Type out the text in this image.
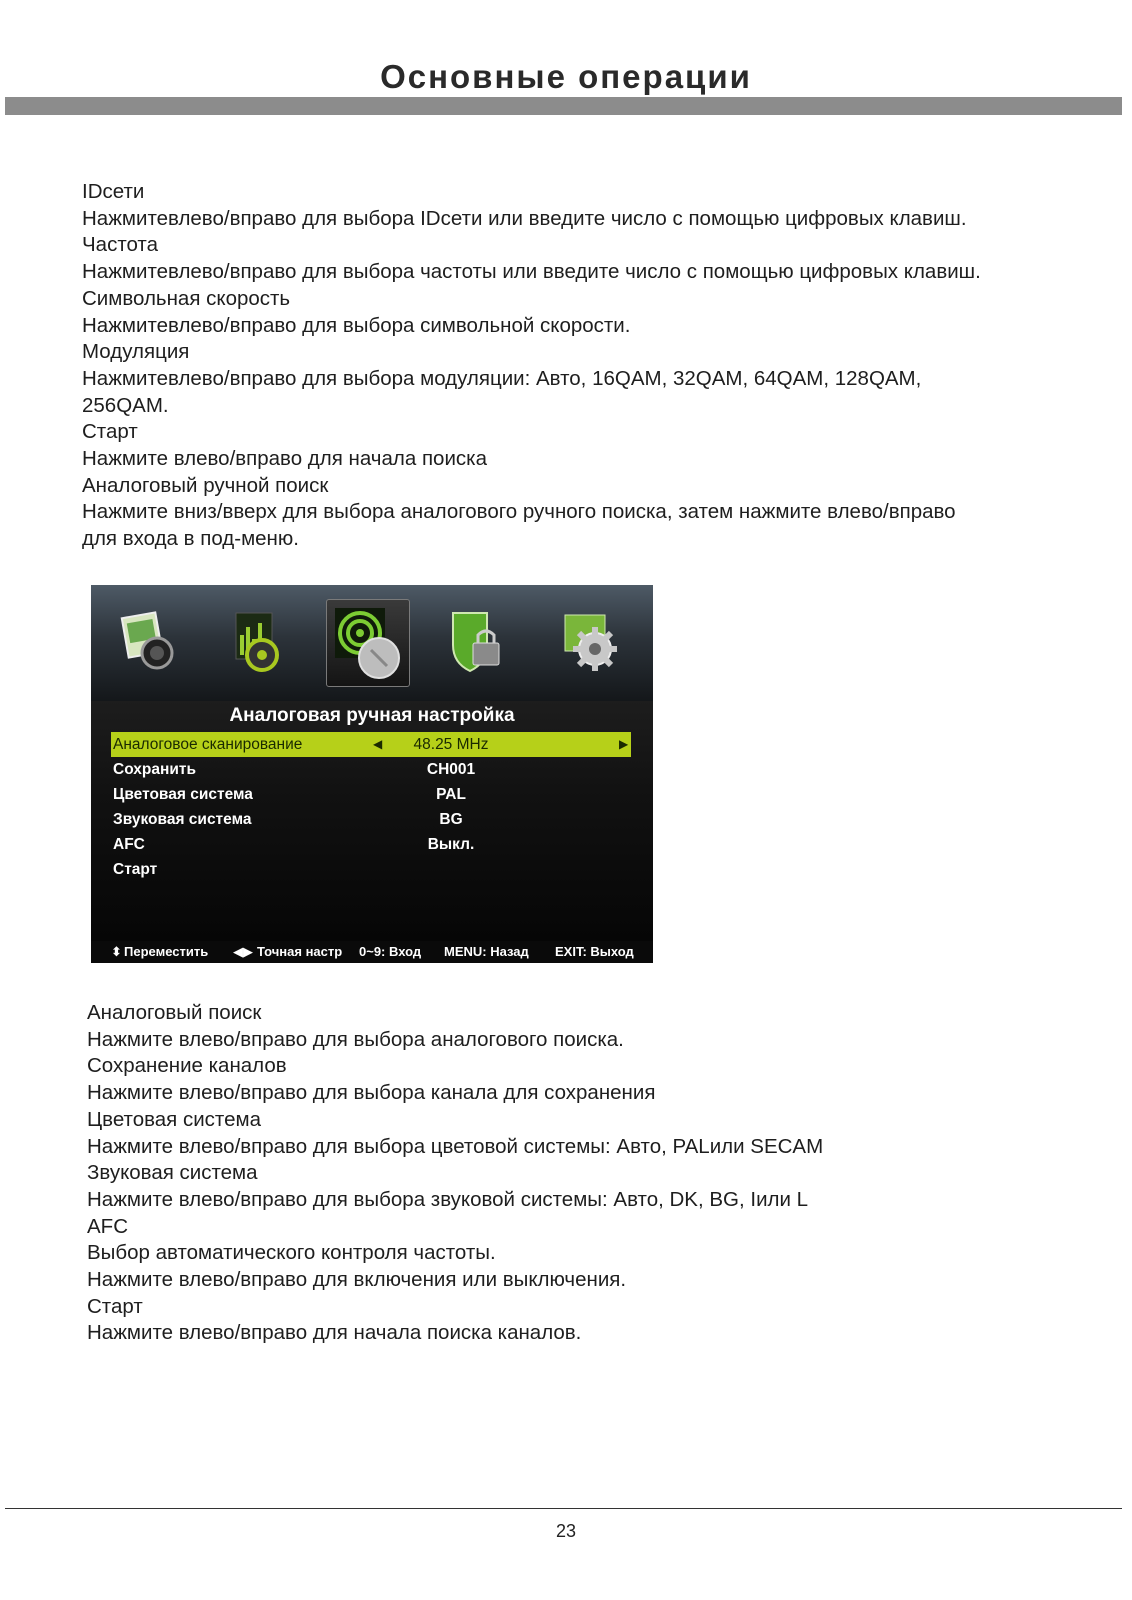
Основные операции
IDсети
Нажмитевлево/вправо для выбора IDсети или введите число с помощью цифровых клавиш.
Частота
Нажмитевлево/вправо для выбора частоты или введите число с помощью цифровых клавиш.
Символьная скорость
Нажмитевлево/вправо для выбора символьной скорости.
Модуляция
Нажмитевлево/вправо для выбора модуляции: Авто, 16QAM, 32QAM, 64QAM, 128QAM,
256QAM.
Старт
Нажмите влево/вправо для начала поиска
Аналоговый ручной поиск
Нажмите вниз/вверх для выбора аналогового ручного поиска, затем нажмите влево/вправо
для входа в под-меню.
Аналоговая ручная настройка
Аналоговое сканирование	◀	48.25 MHz	▶
Сохранить	CH001
Цветовая система	PAL
Звуковая система	BG
AFC	Выкл.
Старт
⬍ Переместить ◀▶ Точная настр 0~9: Вход MENU: Назад EXIT: Выход
Аналоговый поиск
Нажмите влево/вправо для выбора аналогового поиска.
Сохранение каналов
Нажмите влево/вправо для выбора канала для сохранения
Цветовая система
Нажмите влево/вправо для выбора цветовой системы: Авто, PALили SECAM
Звуковая система
Нажмите влево/вправо для выбора звуковой системы: Авто, DK, BG, Iили L
AFC
Выбор автоматического контроля частоты.
Нажмите влево/вправо для включения или выключения.
Старт
Нажмите влево/вправо для начала поиска каналов.
23
